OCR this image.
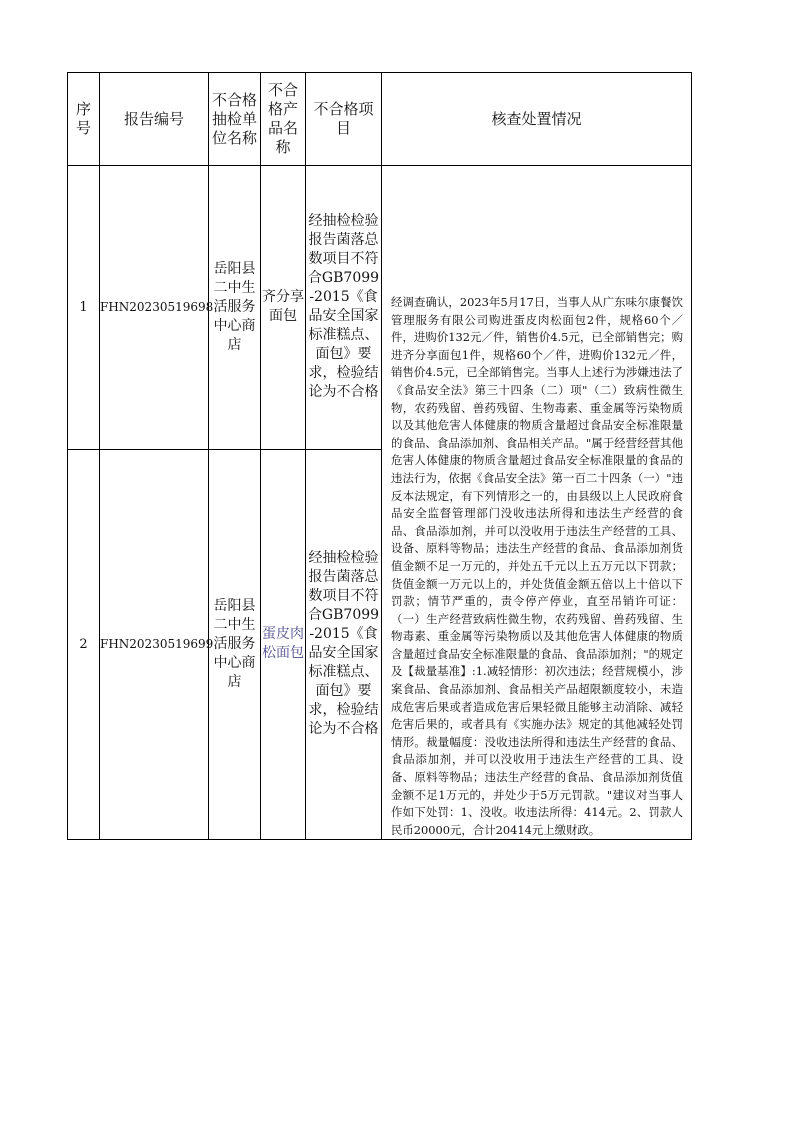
序号	报告编号	不合格抽检单位名称	不合格产品名称	不合格项目	核查处置情况
1	FHN20230519698	岳阳县二中生活服务中心商店	齐分享面包	经抽检检验报告菌落总数项目不符合GB7099-2015《食品安全国家标准糕点、面包》要求，检验结论为不合格	经调查确认，2023年5月17日，当事人从广东味尔康餐饮管理服务有限公司购进蛋皮肉松面包2件，规格60个／件，进购价132元／件，销售价4.5元，已全部销售完；购进齐分享面包1件，规格60个／件，进购价132元／件，销售价4.5元，已全部销售完。当事人上述行为涉嫌违法了《食品安全法》第三十四条（二）项"（二）致病性微生物，农药残留、兽药残留、生物毒素、重金属等污染物质以及其他危害人体健康的物质含量超过食品安全标准限量的食品、食品添加剂、食品相关产品。"属于经营经营其他危害人体健康的物质含量超过食品安全标准限量的食品的违法行为，依据《食品安全法》第一百二十四条（一）"违反本法规定，有下列情形之一的，由县级以上人民政府食品安全监督管理部门没收违法所得和违法生产经营的食品、食品添加剂，并可以没收用于违法生产经营的工具、设备、原料等物品；违法生产经营的食品、食品添加剂货值金额不足一万元的，并处五千元以上五万元以下罚款；货值金额一万元以上的，并处货值金额五倍以上十倍以下罚款；情节严重的，责令停产停业，直至吊销许可证：（一）生产经营致病性微生物，农药残留、兽药残留、生物毒素、重金属等污染物质以及其他危害人体健康的物质含量超过食品安全标准限量的食品、食品添加剂；"的规定及【裁量基准】:1.减轻情形：初次违法；经营规模小，涉案食品、食品添加剂、食品相关产品超限额度较小，未造成危害后果或者造成危害后果轻微且能够主动消除、减轻危害后果的，或者具有《实施办法》规定的其他减轻处罚情形。裁量幅度：没收违法所得和违法生产经营的食品、食品添加剂，并可以没收用于违法生产经营的工具、设备、原料等物品；违法生产经营的食品、食品添加剂货值金额不足1万元的，并处少于5万元罚款。"建议对当事人作如下处罚：1、没收。收违法所得：414元。2、罚款人民币20000元，合计20414元上缴财政。

2	FHN20230519699	岳阳县二中生活服务中心商店	蛋皮肉松面包	经抽检检验报告菌落总数项目不符合GB7099-2015《食品安全国家标准糕点、面包》要求，检验结论为不合格	
